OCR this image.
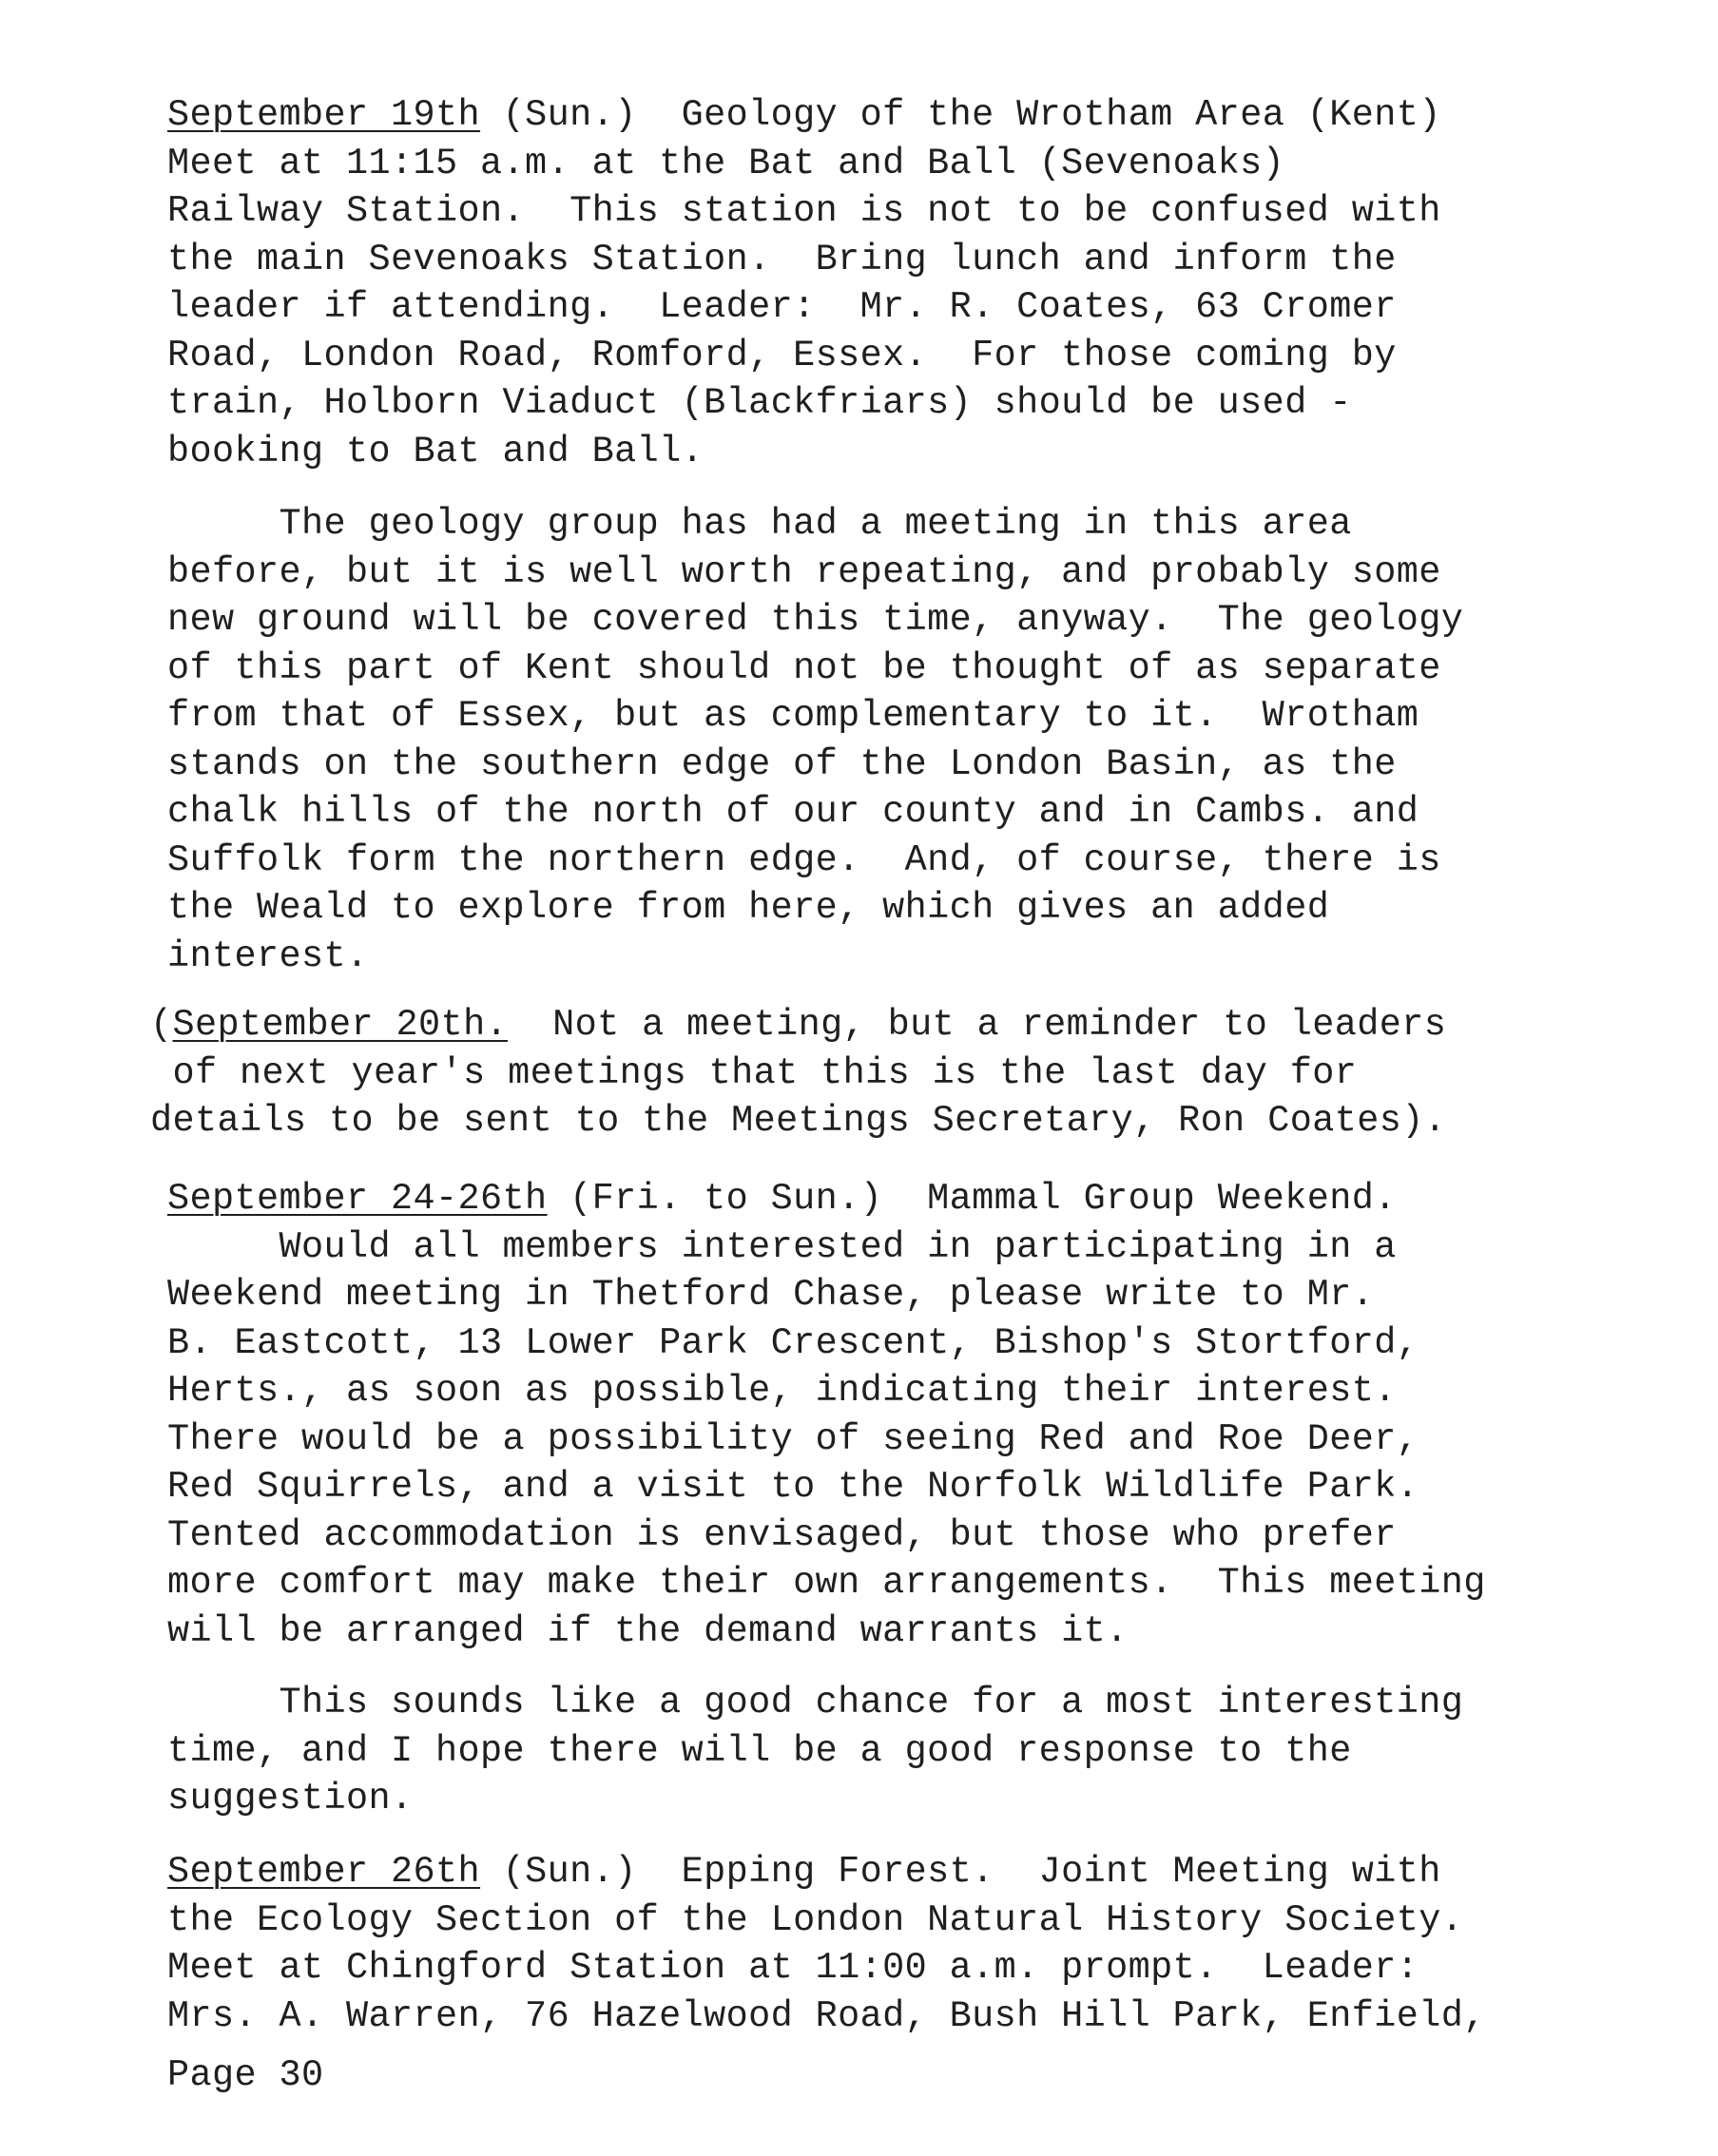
September 19th (Sun.)  Geology of the Wrotham Area (Kent)
Meet at 11:15 a.m. at the Bat and Ball (Sevenoaks)
Railway Station.  This station is not to be confused with
the main Sevenoaks Station.  Bring lunch and inform the
leader if attending.  Leader:  Mr. R. Coates, 63 Cromer
Road, London Road, Romford, Essex.  For those coming by
train, Holborn Viaduct (Blackfriars) should be used -
booking to Bat and Ball.
The geology group has had a meeting in this area
before, but it is well worth repeating, and probably some
new ground will be covered this time, anyway.  The geology
of this part of Kent should not be thought of as separate
from that of Essex, but as complementary to it.  Wrotham
stands on the southern edge of the London Basin, as the
chalk hills of the north of our county and in Cambs. and
Suffolk form the northern edge.  And, of course, there is
the Weald to explore from here, which gives an added
interest.
(September 20th.  Not a meeting, but a reminder to leaders
of next year's meetings that this is the last day for
details to be sent to the Meetings Secretary, Ron Coates).
September 24-26th (Fri. to Sun.)  Mammal Group Weekend.
Would all members interested in participating in a
Weekend meeting in Thetford Chase, please write to Mr.
B. Eastcott, 13 Lower Park Crescent, Bishop's Stortford,
Herts., as soon as possible, indicating their interest.
There would be a possibility of seeing Red and Roe Deer,
Red Squirrels, and a visit to the Norfolk Wildlife Park.
Tented accommodation is envisaged, but those who prefer
more comfort may make their own arrangements.  This meeting
will be arranged if the demand warrants it.
This sounds like a good chance for a most interesting
time, and I hope there will be a good response to the
suggestion.
September 26th (Sun.)  Epping Forest.  Joint Meeting with
the Ecology Section of the London Natural History Society.
Meet at Chingford Station at 11:00 a.m. prompt.  Leader:
Mrs. A. Warren, 76 Hazelwood Road, Bush Hill Park, Enfield,
Page 30
